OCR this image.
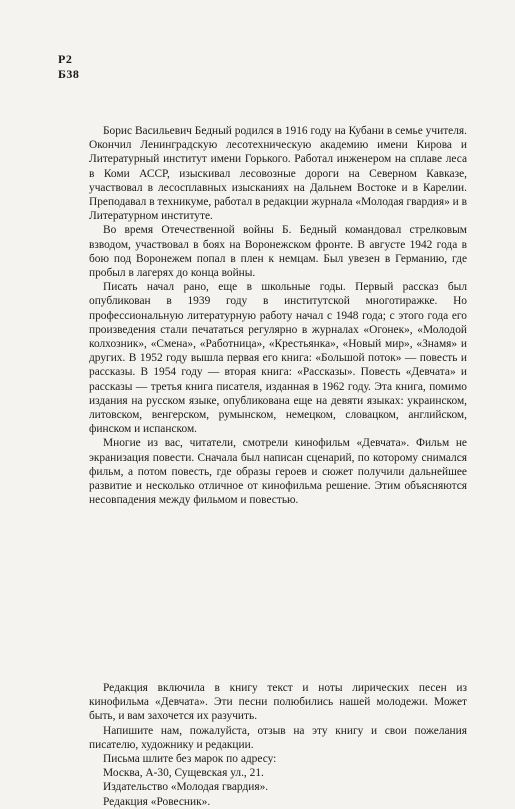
Р2
Б38

Борис Васильевич Бедный родился в 1916 году на Кубани в семье учителя. Окончил Ленинградскую лесотехническую академию имени Кирова и Литературный институт имени Горького. Работал инженером на сплаве леса в Коми АССР, изыскивал лесовозные дороги на Северном Кавказе, участвовал в лесосплавных изысканиях на Дальнем Востоке и в Карелии. Преподавал в техникуме, работал в редакции журнала «Молодая гвардия» и в Литературном институте.

Во время Отечественной войны Б. Бедный командовал стрелковым взводом, участвовал в боях на Воронежском фронте. В августе 1942 года в бою под Воронежем попал в плен к немцам. Был увезен в Германию, где пробыл в лагерях до конца войны.

Писать начал рано, еще в школьные годы. Первый рассказ был опубликован в 1939 году в институтской многотиражке. Но профессиональную литературную работу начал с 1948 года; с этого года его произведения стали печататься регулярно в журналах «Огонек», «Молодой колхозник», «Смена», «Работница», «Крестьянка», «Новый мир», «Знамя» и других. В 1952 году вышла первая его книга: «Большой поток» — повесть и рассказы. В 1954 году — вторая книга: «Рассказы». Повесть «Девчата» и рассказы — третья книга писателя, изданная в 1962 году. Эта книга, помимо издания на русском языке, опубликована еще на девяти языках: украинском, литовском, венгерском, румынском, немецком, словацком, английском, финском и испанском.

Многие из вас, читатели, смотрели кинофильм «Девчата». Фильм не экранизация повести. Сначала был написан сценарий, по которому снимался фильм, а потом повесть, где образы героев и сюжет получили дальнейшее развитие и несколько отличное от кинофильма решение. Этим объясняются несовпадения между фильмом и повестью.

Редакция включила в книгу текст и ноты лирических песен из кинофильма «Девчата». Эти песни полюбились нашей молодежи. Может быть, и вам захочется их разучить.

Напишите нам, пожалуйста, отзыв на эту книгу и свои пожелания писателю, художнику и редакции.

Письма шлите без марок по адресу:

Москва, А-30, Сущевская ул., 21.
Издательство «Молодая гвардия».
Редакция «Ровесник».
